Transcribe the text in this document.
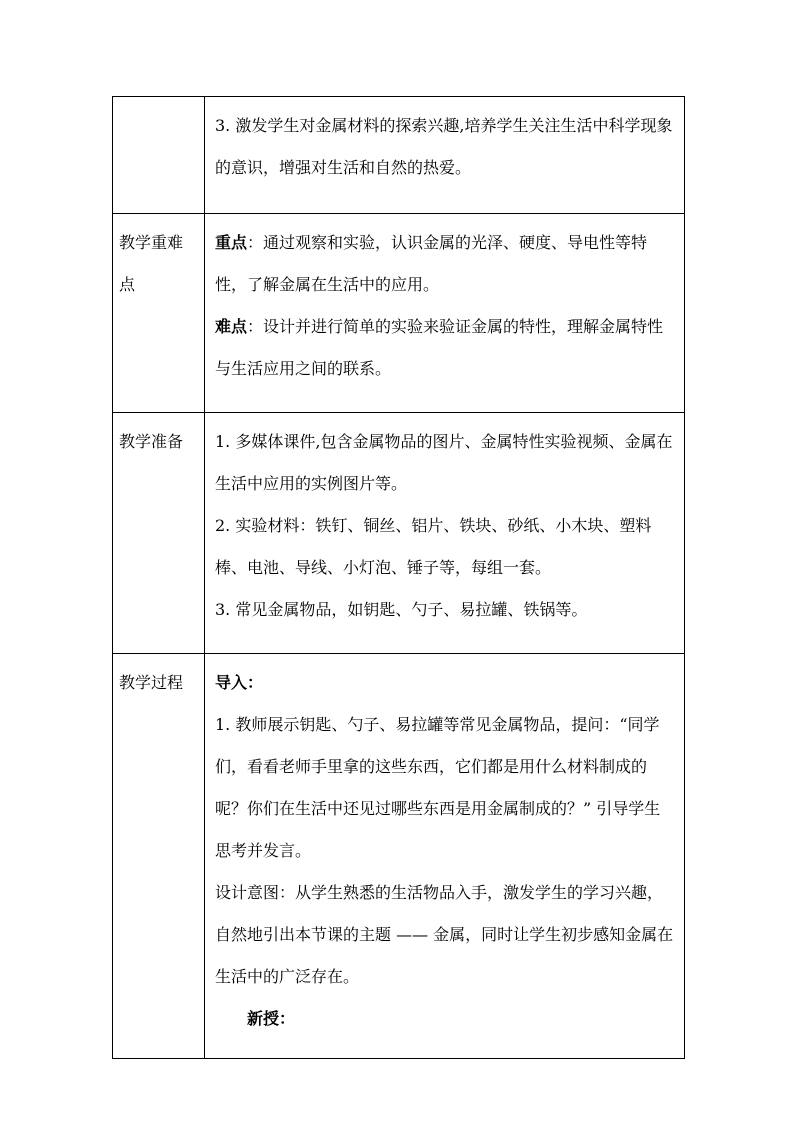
	3. 激发学生对金属材料的探索兴趣,培养学生关注生活中科学现象的意识，增强对生活和自然的热爱。

教学重难点	重点：通过观察和实验，认识金属的光泽、硬度、导电性等特性，了解金属在生活中的应用。

难点：设计并进行简单的实验来验证金属的特性，理解金属特性与生活应用之间的联系。

教学准备	1. 多媒体课件,包含金属物品的图片、金属特性实验视频、金属在生活中应用的实例图片等。

2. 实验材料：铁钉、铜丝、铝片、铁块、砂纸、小木块、塑料棒、电池、导线、小灯泡、锤子等，每组一套。

3. 常见金属物品，如钥匙、勺子、易拉罐、铁锅等。

教学过程	导入：

1. 教师展示钥匙、勺子、易拉罐等常见金属物品，提问：“同学们，看看老师手里拿的这些东西，它们都是用什么材料制成的呢？你们在生活中还见过哪些东西是用金属制成的？” 引导学生思考并发言。

设计意图：从学生熟悉的生活物品入手，激发学生的学习兴趣，自然地引出本节课的主题 —— 金属，同时让学生初步感知金属在生活中的广泛存在。

新授：
